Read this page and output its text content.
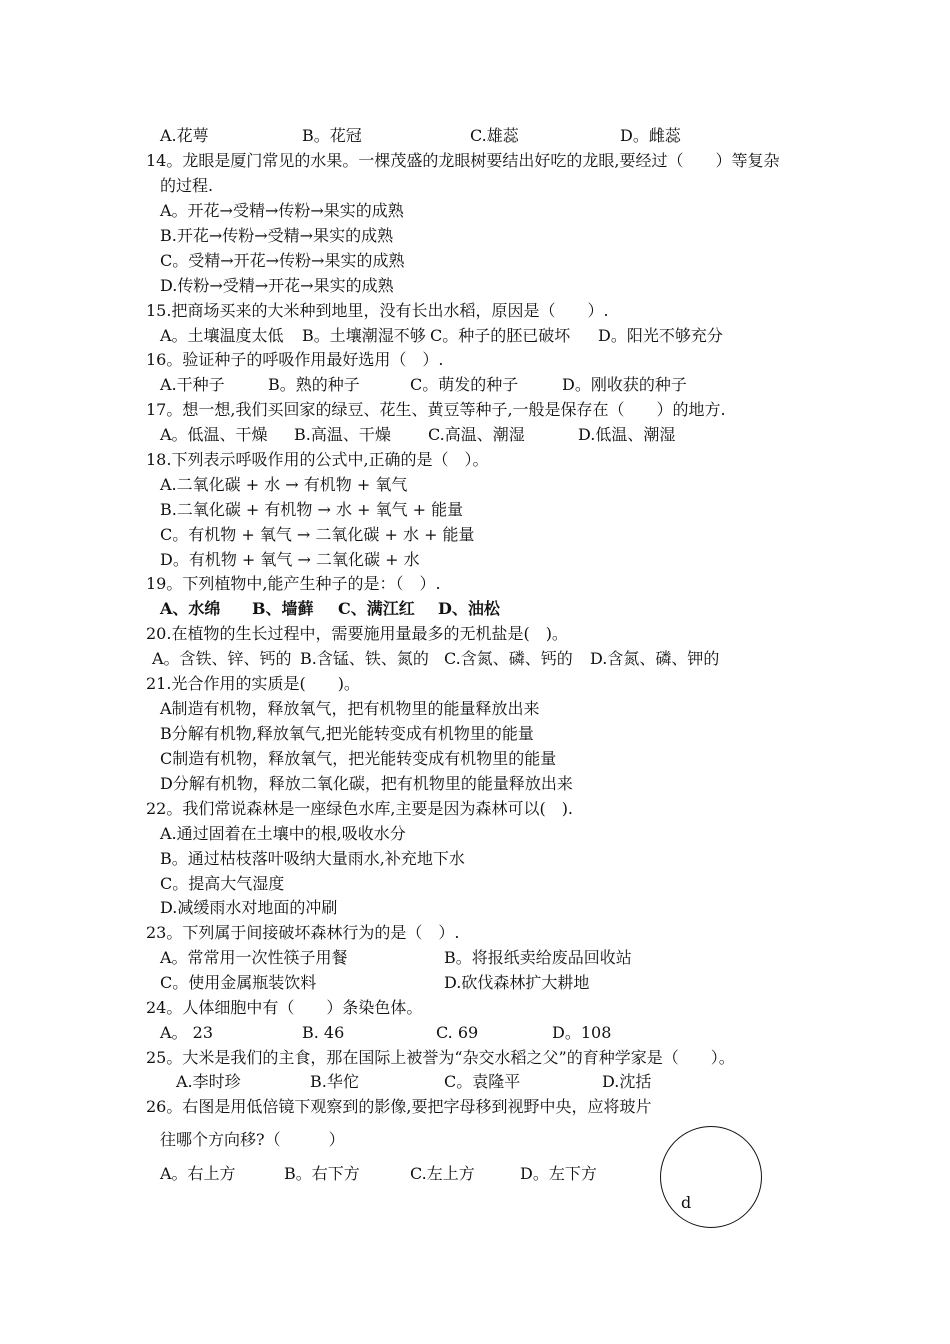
A.花萼	B。花冠	C.雄蕊	D。雌蕊
14。龙眼是厦门常见的水果。一棵茂盛的龙眼树要结出好吃的龙眼,要经过（　　）等复杂
的过程.
A。开花→受精→传粉→果实的成熟
B.开花→传粉→受精→果实的成熟
C。受精→开花→传粉→果实的成熟
D.传粉→受精→开花→果实的成熟
15.把商场买来的大米种到地里，没有长出水稻，原因是（　　）.
A。土壤温度太低 B。土壤潮湿不够 C。种子的胚已破坏 D。阳光不够充分
16。验证种子的呼吸作用最好选用（　）.
A.干种子	B。熟的种子	C。萌发的种子	D。刚收获的种子
17。想一想,我们买回家的绿豆、花生、黄豆等种子,一般是保存在（　　）的地方.
A。低温、干燥 B.高温、干燥 C.高温、潮湿	D.低温、潮湿
18.下列表示呼吸作用的公式中,正确的是（　）。
A.二氧化碳 + 水 → 有机物 + 氧气
B.二氧化碳 + 有机物 → 水 + 氧气 + 能量
C。有机物 + 氧气 → 二氧化碳 + 水 + 能量
D。有机物 + 氧气 → 二氧化碳 + 水
19。下列植物中,能产生种子的是：（　）.
A、水绵 B、墙藓 C、满江红 D、油松
20.在植物的生长过程中，需要施用量最多的无机盐是(　)。
A。含铁、锌、钙的 B.含锰、铁、氮的 C.含氮、磷、钙的 D.含氮、磷、钾的
21.光合作用的实质是(　　)。
A制造有机物，释放氧气，把有机物里的能量释放出来
B分解有机物,释放氧气,把光能转变成有机物里的能量
C制造有机物，释放氧气，把光能转变成有机物里的能量
D分解有机物，释放二氧化碳，把有机物里的能量释放出来
22。我们常说森林是一座绿色水库,主要是因为森林可以(　).
A.通过固着在土壤中的根,吸收水分
B。通过枯枝落叶吸纳大量雨水,补充地下水
C。提高大气湿度
D.减缓雨水对地面的冲刷
23。下列属于间接破坏森林行为的是（　）.
A。常常用一次性筷子用餐	B。将报纸卖给废品回收站
C。使用金属瓶装饮料	D.砍伐森林扩大耕地
24。人体细胞中有（　　）条染色体。
A。 23	B. 46	C. 69	D。108
25。大米是我们的主食，那在国际上被誉为“杂交水稻之父”的育种学家是（　　）。
A.李时珍	B.华佗	C。袁隆平	D.沈括
26。右图是用低倍镜下观察到的影像,要把字母移到视野中央，应将玻片
往哪个方向移?（　　　）
A。右上方	B。右下方	C.左上方	D。左下方
d
